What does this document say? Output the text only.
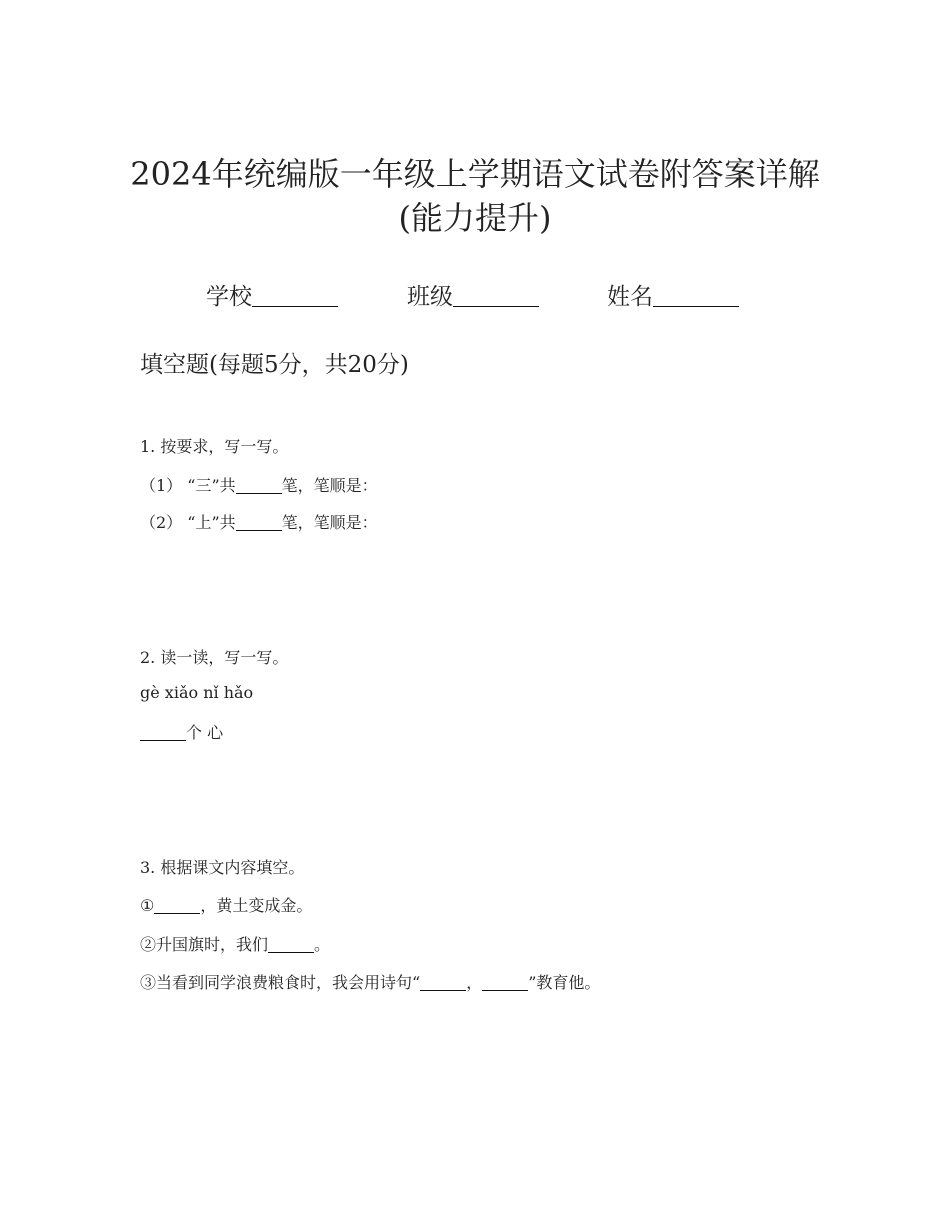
2024年统编版一年级上学期语文试卷附答案详解
(能力提升)
学校	班级	姓名
填空题(每题5分，共20分)
1. 按要求，写一写。
（1） “三”共	笔，笔顺是：
（2） “上”共	笔，笔顺是：
2. 读一读，写一写。
gè xiǎo nǐ hǎo
个 心
3. 根据课文内容填空。
①	，黄土变成金。
②升国旗时，我们	。
③当看到同学浪费粮食时，我会用诗句“	，	”教育他。
